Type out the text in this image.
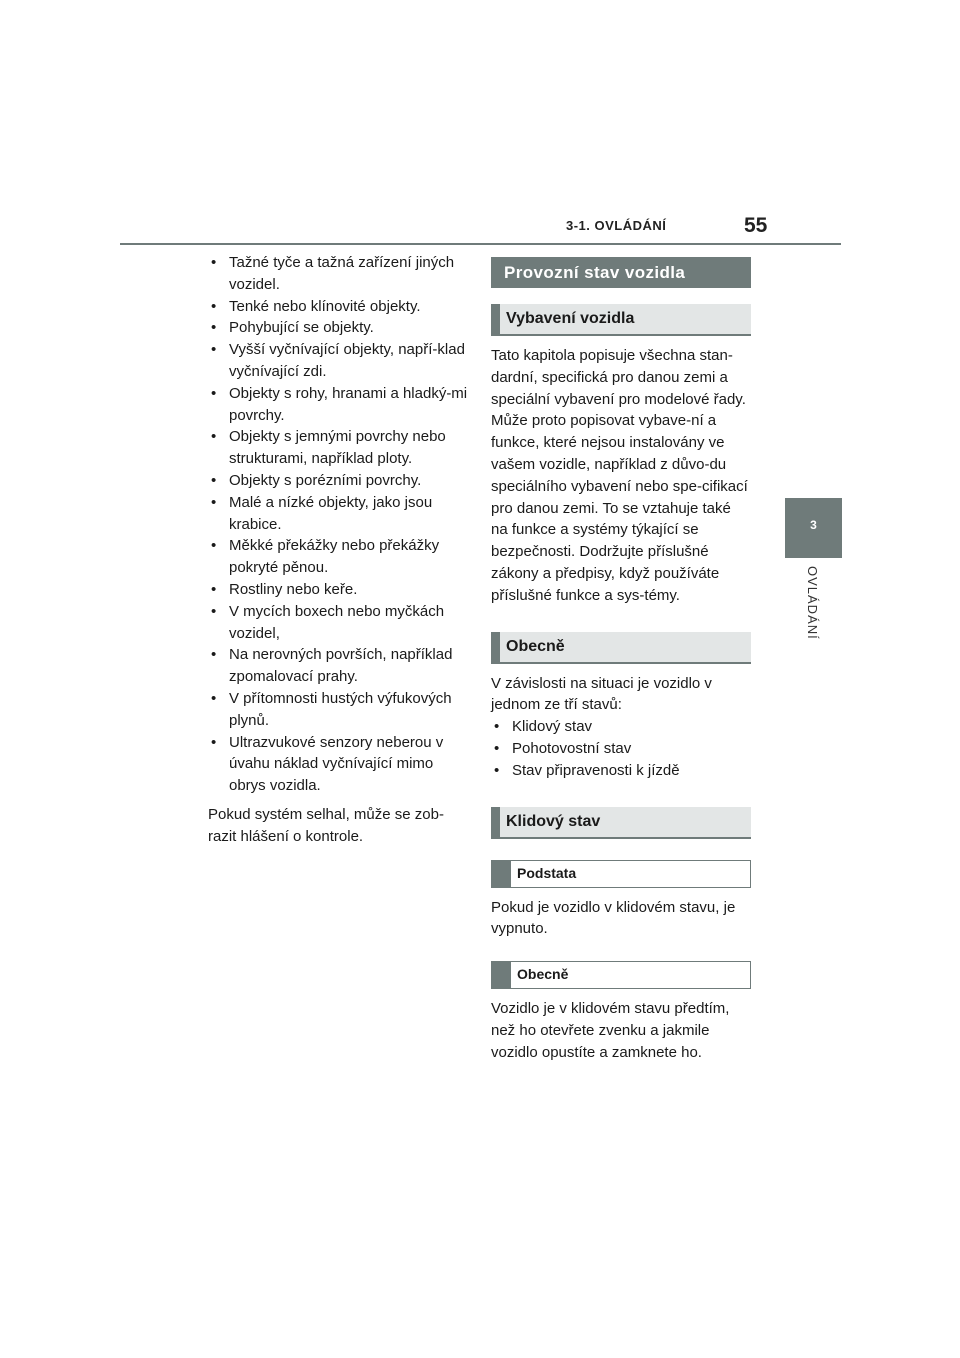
3-1. OVLÁDÁNÍ	55
3
OVLÁDÁNÍ
• Tažné tyče a tažná zařízení jiných vozidel.
• Tenké nebo klínovité objekty.
• Pohybující se objekty.
• Vyšší vyčnívající objekty, napří-klad vyčnívající zdi.
• Objekty s rohy, hranami a hladký-mi povrchy.
• Objekty s jemnými povrchy nebo strukturami, například ploty.
• Objekty s porézními povrchy.
• Malé a nízké objekty, jako jsou krabice.
• Měkké překážky nebo překážky pokryté pěnou.
• Rostliny nebo keře.
• V mycích boxech nebo myčkách vozidel,
• Na nerovných površích, například zpomalovací prahy.
• V přítomnosti hustých výfukových plynů.
• Ultrazvukové senzory neberou v úvahu náklad vyčnívající mimo obrys vozidla.

Pokud systém selhal, může se zob-razit hlášení o kontrole.

Provozní stav vozidla
Vybavení vozidla

Tato kapitola popisuje všechna stan-dardní, specifická pro danou zemi a speciální vybavení pro modelové řady. Může proto popisovat vybave-ní a funkce, které nejsou instalovány ve vašem vozidle, například z důvo-du speciálního vybavení nebo spe-cifikací pro danou zemi. To se vztahuje také na funkce a systémy týkající se bezpečnosti. Dodržujte příslušné zákony a předpisy, když používáte příslušné funkce a sys-témy.

Obecně

V závislosti na situaci je vozidlo v jednom ze tří stavů:

• Klidový stav
• Pohotovostní stav
• Stav připravenosti k jízdě
Klidový stav
Podstata

Pokud je vozidlo v klidovém stavu, je vypnuto.

Obecně

Vozidlo je v klidovém stavu předtím, než ho otevřete zvenku a jakmile vozidlo opustíte a zamknete ho.
